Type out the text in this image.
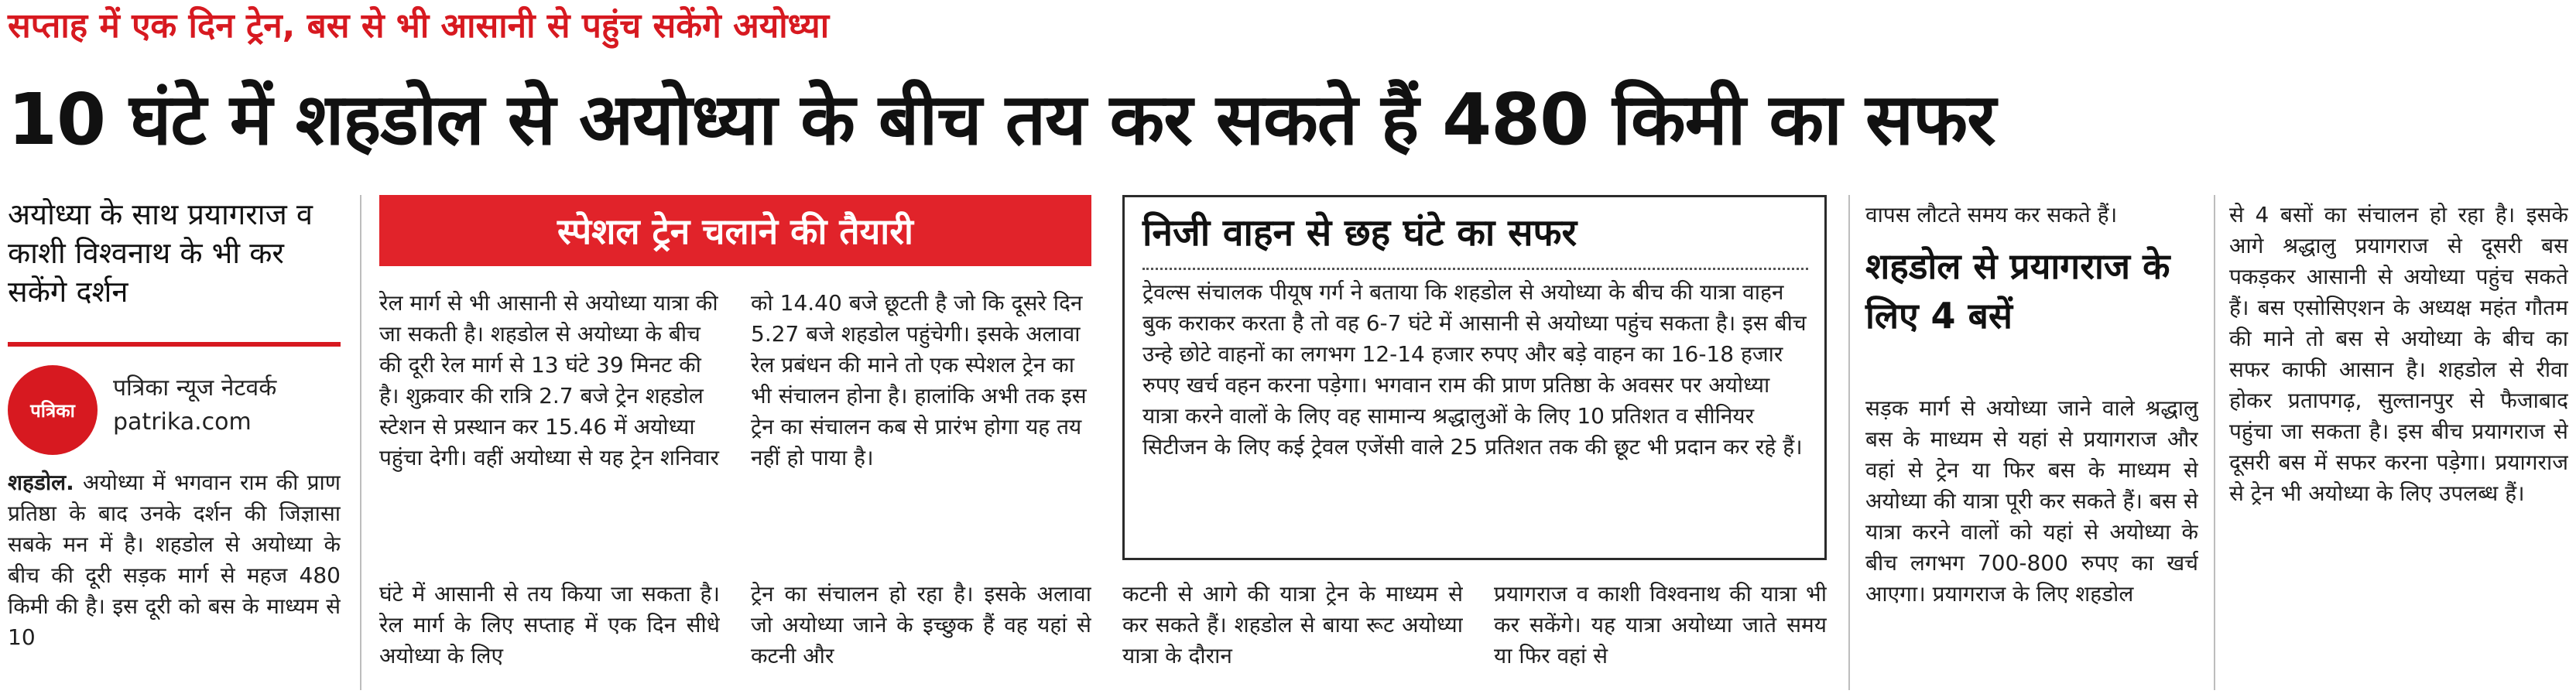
सप्ताह में एक दिन ट्रेन, बस से भी आसानी से पहुंच सकेंगे अयोध्या
10 घंटे में शहडोल से अयोध्या के बीच तय कर सकते हैं 480 किमी का सफर
अयोध्या के साथ प्रयागराज व काशी विश्वनाथ के भी कर सकेंगे दर्शन
पत्रिका
पत्रिका न्यूज नेटवर्क
patrika.com
शहडोल. अयोध्या में भगवान राम की प्राण प्रतिष्ठा के बाद उनके दर्शन की जिज्ञासा सबके मन में है। शहडोल से अयोध्या के बीच की दूरी सड़क मार्ग से महज 480 किमी की है। इस दूरी को बस के माध्यम से 10
स्पेशल ट्रेन चलाने की तैयारी
रेल मार्ग से भी आसानी से अयोध्या यात्रा की जा सकती है। शहडोल से अयोध्या के बीच की दूरी रेल मार्ग से 13 घंटे 39 मिनट की है। शुक्रवार की रात्रि 2.7 बजे ट्रेन शहडोल स्टेशन से प्रस्थान कर 15.46 में अयोध्या पहुंचा देगी। वहीं अयोध्या से यह ट्रेन शनिवार
को 14.40 बजे छूटती है जो कि दूसरे दिन 5.27 बजे शहडोल पहुंचेगी। इसके अलावा रेल प्रबंधन की माने तो एक स्पेशल ट्रेन का भी संचालन होना है। हालांकि अभी तक इस ट्रेन का संचालन कब से प्रारंभ होगा यह तय नहीं हो पाया है।
निजी वाहन से छह घंटे का सफर
ट्रेवल्स संचालक पीयूष गर्ग ने बताया कि शहडोल से अयोध्या के बीच की यात्रा वाहन बुक कराकर करता है तो वह 6-7 घंटे में आसानी से अयोध्या पहुंच सकता है। इस बीच उन्हे छोटे वाहनों का लगभग 12-14 हजार रुपए और बड़े वाहन का 16-18 हजार रुपए खर्च वहन करना पड़ेगा। भगवान राम की प्राण प्रतिष्ठा के अवसर पर अयोध्या यात्रा करने वालों के लिए वह सामान्य श्रद्धालुओं के लिए 10 प्रतिशत व सीनियर सिटीजन के लिए कई ट्रेवल एजेंसी वाले 25 प्रतिशत तक की छूट भी प्रदान कर रहे हैं।
घंटे में आसानी से तय किया जा सकता है। रेल मार्ग के लिए सप्ताह में एक दिन सीधे अयोध्या के लिए
ट्रेन का संचालन हो रहा है। इसके अलावा जो अयोध्या जाने के इच्छुक हैं वह यहां से कटनी और
कटनी से आगे की यात्रा ट्रेन के माध्यम से कर सकते हैं। शहडोल से बाया रूट अयोध्या यात्रा के दौरान
प्रयागराज व काशी विश्वनाथ की यात्रा भी कर सकेंगे। यह यात्रा अयोध्या जाते समय या फिर वहां से
वापस लौटते समय कर सकते हैं।
शहडोल से प्रयागराज के लिए 4 बसें
सड़क मार्ग से अयोध्या जाने वाले श्रद्धालु बस के माध्यम से यहां से प्रयागराज और वहां से ट्रेन या फिर बस के माध्यम से अयोध्या की यात्रा पूरी कर सकते हैं। बस से यात्रा करने वालों को यहां से अयोध्या के बीच लगभग 700-800 रुपए का खर्च आएगा। प्रयागराज के लिए शहडोल
से 4 बसों का संचालन हो रहा है। इसके आगे श्रद्धालु प्रयागराज से दूसरी बस पकड़कर आसानी से अयोध्या पहुंच सकते हैं। बस एसोसिएशन के अध्यक्ष महंत गौतम की माने तो बस से अयोध्या के बीच का सफर काफी आसान है। शहडोल से रीवा होकर प्रतापगढ़, सुल्तानपुर से फैजाबाद पहुंचा जा सकता है। इस बीच प्रयागराज से दूसरी बस में सफर करना पड़ेगा। प्रयागराज से ट्रेन भी अयोध्या के लिए उपलब्ध हैं।
